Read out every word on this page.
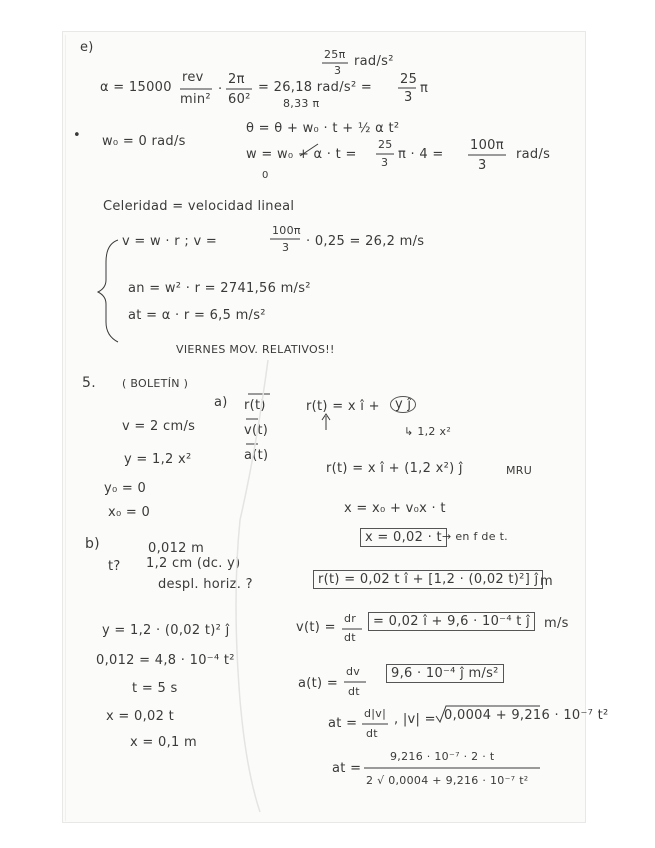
e)	25π
3
rad/s²
α = 15000
rev
min²
·
2π
60²
= 26,18 rad/s² =
25
3
π
8,33 π
• w₀ = 0 rad/s
θ = θ + w₀ · t + ½ α t²
w = w₀ + α · t =
25
3
π · 4 =
100π
3
rad/s
0
Celeridad = velocidad lineal
v = w · r ; v =
100π
3 · 0,25 = 26,2 m/s
an = w² · r = 2741,56 m/s²
at = α · r = 6,5 m/s²
VIERNES MOV. RELATIVOS!!
5. ( BOLETÍN )
a) r(t)	r(t) = x î +	y ĵ
↳ 1,2 x²
v(t)
a(t)
v = 2 cm/s
y = 1,2 x²
r(t) = x î + (1,2 x²) ĵ	MRU
y₀ = 0
x₀ = 0	x = x₀ + v₀x · t
x = 0,02 · t → en f de t.
b)	0,012 m
t? 1,2 cm (dc. y)
despl. horiz. ?	r(t) = 0,02 t î + [1,2 · (0,02 t)²] ĵ m
y = 1,2 · (0,02 t)² ĵ	v(t) =
dr
dt
= 0,02 î + 9,6 · 10⁻⁴ t ĵ	m/s
0,012 = 4,8 · 10⁻⁴ t²
t = 5 s	a(t) =
dv
dt
9,6 · 10⁻⁴ ĵ m/s²
x = 0,02 t	at =
d|v|
dt
, |v| = 0,0004 + 9,216 · 10⁻⁷ t²
x = 0,1 m
at =
9,216 · 10⁻⁷ · 2 · t
2 √ 0,0004 + 9,216 · 10⁻⁷ t²
